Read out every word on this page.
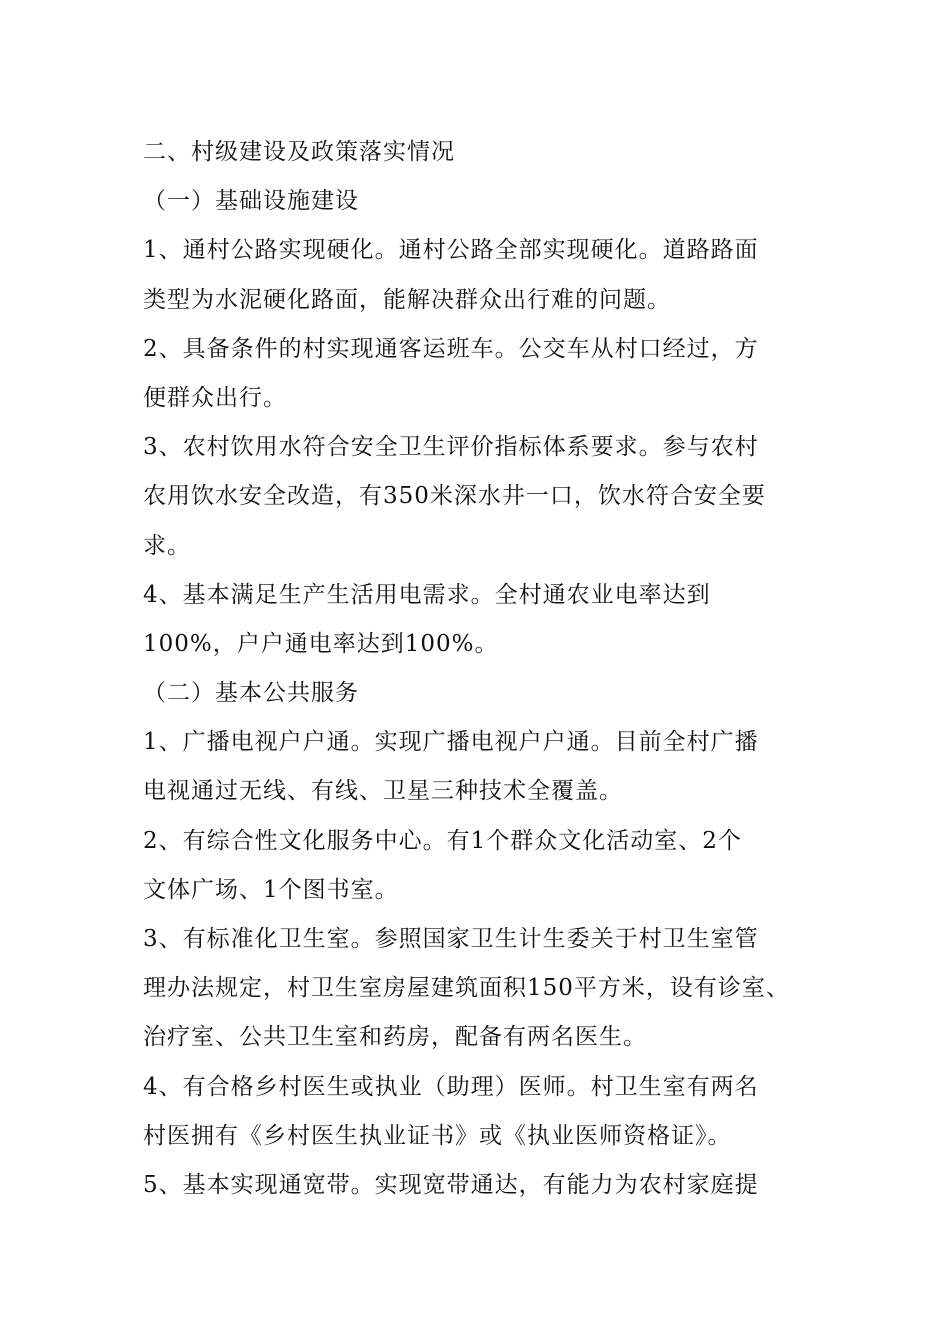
二、村级建设及政策落实情况
（一）基础设施建设
1、通村公路实现硬化。通村公路全部实现硬化。道路路面
类型为水泥硬化路面，能解决群众出行难的问题。
2、具备条件的村实现通客运班车。公交车从村口经过，方
便群众出行。
3、农村饮用水符合安全卫生评价指标体系要求。参与农村
农用饮水安全改造，有350米深水井一口，饮水符合安全要
求。
4、基本满足生产生活用电需求。全村通农业电率达到
100%，户户通电率达到100%。
（二）基本公共服务
1、广播电视户户通。实现广播电视户户通。目前全村广播
电视通过无线、有线、卫星三种技术全覆盖。
2、有综合性文化服务中心。有1个群众文化活动室、2个
文体广场、1个图书室。
3、有标准化卫生室。参照国家卫生计生委关于村卫生室管
理办法规定，村卫生室房屋建筑面积150平方米，设有诊室、
治疗室、公共卫生室和药房，配备有两名医生。
4、有合格乡村医生或执业（助理）医师。村卫生室有两名
村医拥有《乡村医生执业证书》或《执业医师资格证》。
5、基本实现通宽带。实现宽带通达，有能力为农村家庭提
